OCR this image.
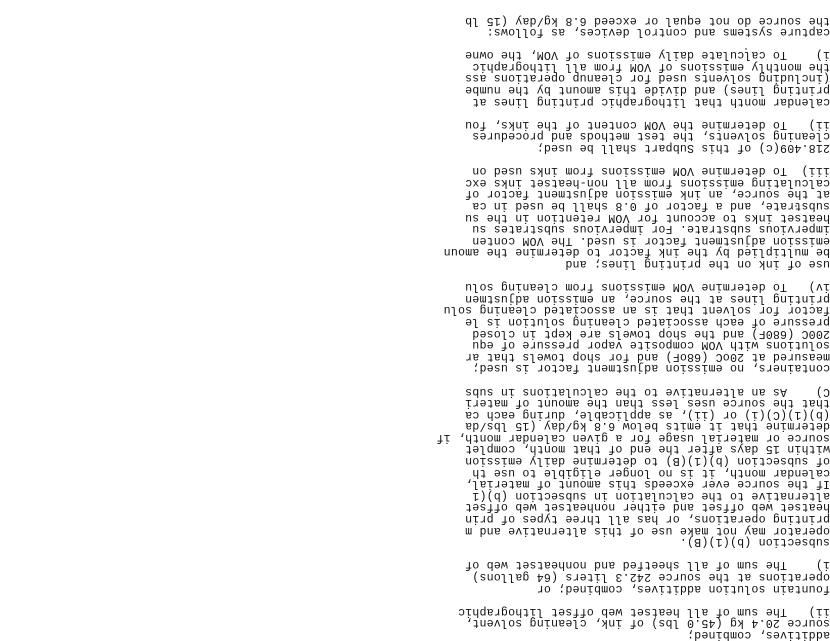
additives, combined;
source 20.4 kg (45.0 lbs) of ink, cleaning solvent,
ii)   The sum of all heatset web offset lithographic
fountain solution additives, combined; or
operations at the source 242.3 liters (64 gallons)
i)    The sum of all sheetfed and nonheatset web of
subsection (b)(1)(B).
operator may not make use of this alternative and m
printing operations, or has all three types of prin
heatset web offset and either nonheatset web offset
alternative to the calculation in subsection (b)(1
If the source ever exceeds this amount of material,
calendar month, it is no longer eligible to use th
of subsection (b)(1)(B) to determine daily emission
within 15 days after the end of that month, complet
source or material usage for a given calendar month, if
determine that it emits below 6.8 kg/day (15 lbs/da
(b)(1)(C)(i) or (ii), as applicable, during each ca
that the source uses less than the amount of materi
C)    As an alternative to the calculations in subs
containers, no emission adjustment factor is used;
measured at 20oC (68oF) and for shop towels that ar
solutions with VOM composite vapor pressure of equ
200C (680F) and the shop towels are kept in closed
pressure of each associated cleaning solution is le
factor for solvent that is an associated cleaning solu
printing lines at the source, an emission adjustmen
iv)   To determine VOM emissions from cleaning solu
use of ink on the printing lines; and
be multiplied by the ink factor to determine the amoun
emission adjustment factor is used. The VOM conten
impervious substrate. For impervious substrates su
heatset inks to account for VOM retention in the su
substrate, and a factor of 0.8 shall be used in ca
at the source, an ink emission adjustment factor of
calculating emissions from all non-heatset inks exc
iii)  To determine VOM emissions from inks used on
218.409(c) of this Subpart shall be used;
cleaning solvents, the test methods and procedures
ii)   To determine the VOM content of the inks, fou
calendar month that lithographic printing lines at
printing lines) and divide this amount by the numbe
(including solvents used for cleanup operations ass
the monthly emissions of VOM from all lithographic
i)    To calculate daily emissions of VOM, the owne
capture systems and control devices, as follows:
the source do not equal or exceed 6.8 kg/day (15 lb
